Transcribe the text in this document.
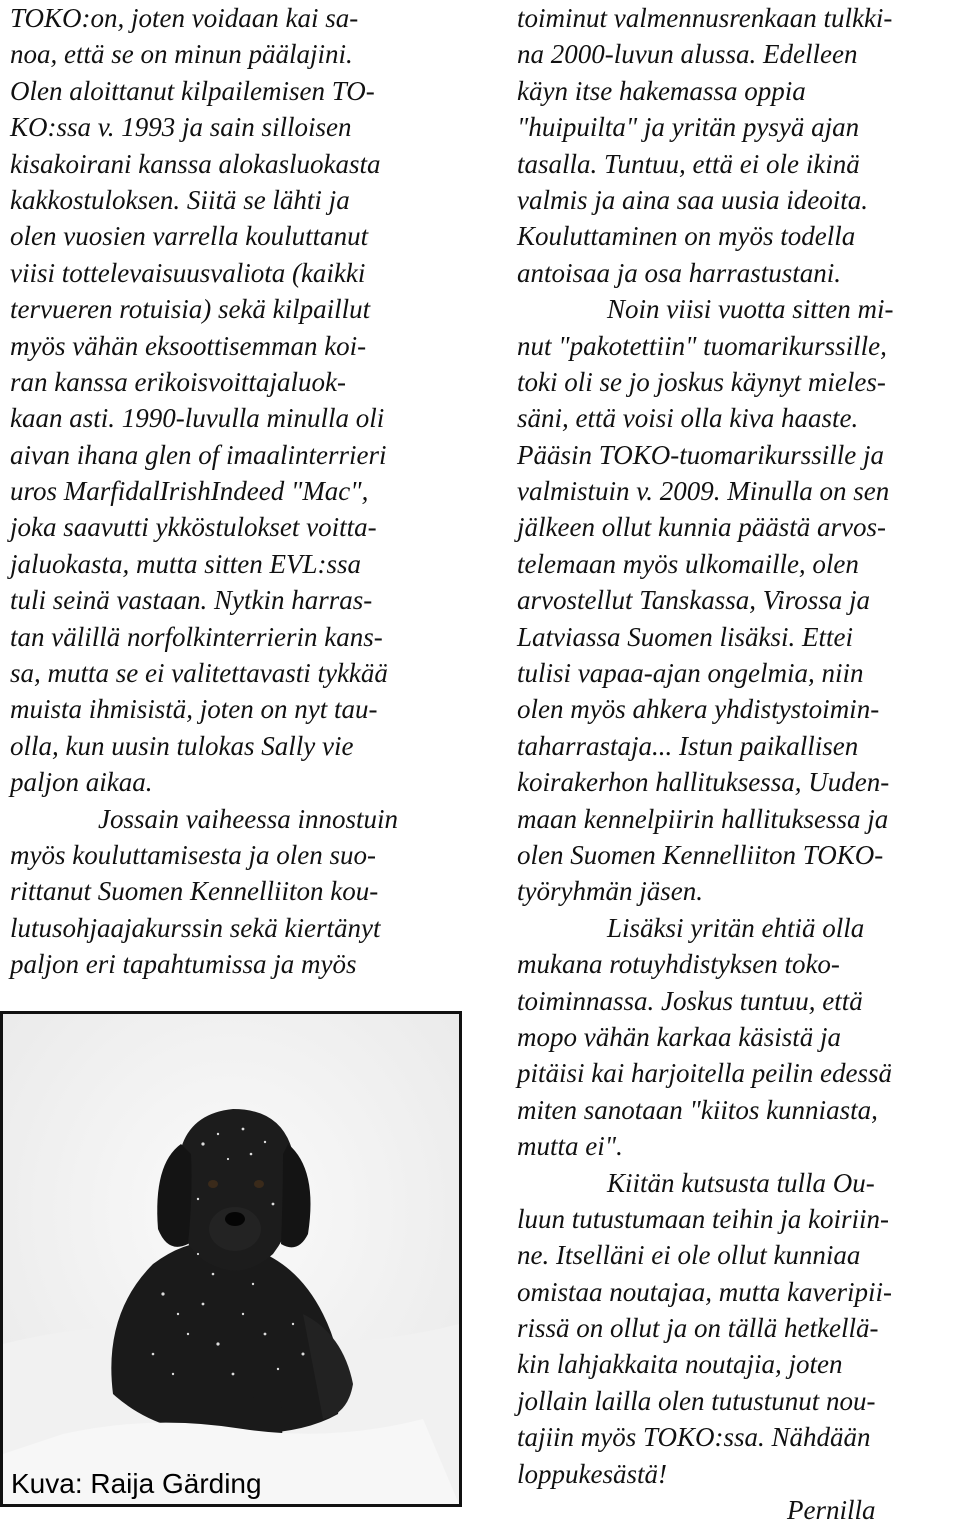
TOKO:on, joten voidaan kai sa-
noa, että se on minun päälajini.
Olen aloittanut kilpailemisen TO-
KO:ssa v. 1993 ja sain silloisen
kisakoirani kanssa alokasluokasta
kakkostuloksen. Siitä se lähti ja
olen vuosien varrella kouluttanut
viisi tottelevaisuusvaliota (kaikki
tervueren rotuisia) sekä kilpaillut
myös vähän eksoottisemman koi-
ran kanssa erikoisvoittajaluok-
kaan asti. 1990-luvulla minulla oli
aivan ihana glen of imaalinterrieri
uros MarfidalIrishIndeed "Mac",
joka saavutti ykköstulokset voitta-
jaluokasta, mutta sitten EVL:ssa
tuli seinä vastaan. Nytkin harras-
tan välillä norfolkinterrierin kans-
sa, mutta se ei valitettavasti tykkää
muista ihmisistä, joten on nyt tau-
olla, kun uusin tulokas Sally vie
paljon aikaa.
Jossain vaiheessa innostuin
myös kouluttamisesta ja olen suo-
rittanut Suomen Kennelliiton kou-
lutusohjaajakurssin sekä kiertänyt
paljon eri tapahtumissa ja myös
toiminut valmennusrenkaan tulkki-
na 2000-luvun alussa. Edelleen
käyn itse hakemassa oppia
"huipuilta" ja yritän pysyä ajan
tasalla. Tuntuu, että ei ole ikinä
valmis ja aina saa uusia ideoita.
Kouluttaminen on myös todella
antoisaa ja osa harrastustani.
Noin viisi vuotta sitten mi-
nut "pakotettiin" tuomarikurssille,
toki oli se jo joskus käynyt mieles-
säni, että voisi olla kiva haaste.
Pääsin TOKO-tuomarikurssille ja
valmistuin v. 2009. Minulla on sen
jälkeen ollut kunnia päästä arvos-
telemaan myös ulkomaille, olen
arvostellut Tanskassa, Virossa ja
Latviassa Suomen lisäksi. Ettei
tulisi vapaa-ajan ongelmia, niin
olen myös ahkera yhdistystoimin-
taharrastaja... Istun paikallisen
koirakerhon hallituksessa, Uuden-
maan kennelpiirin hallituksessa ja
olen Suomen Kennelliiton TOKO-
työryhmän jäsen.
Lisäksi yritän ehtiä olla
mukana rotuyhdistyksen toko-
toiminnassa. Joskus tuntuu, että
mopo vähän karkaa käsistä ja
pitäisi kai harjoitella peilin edessä
miten sanotaan "kiitos kunniasta,
mutta ei".
Kiitän kutsusta tulla Ou-
luun tutustumaan teihin ja koiriin-
ne. Itselläni ei ole ollut kunniaa
omistaa noutajaa, mutta kaveripii-
rissä on ollut ja on tällä hetkellä-
kin lahjakkaita noutajia, joten
jollain lailla olen tutustunut nou-
tajiin myös TOKO:ssa. Nähdään
loppukesästä!
Pernilla
Kuva: Raija Gärding
